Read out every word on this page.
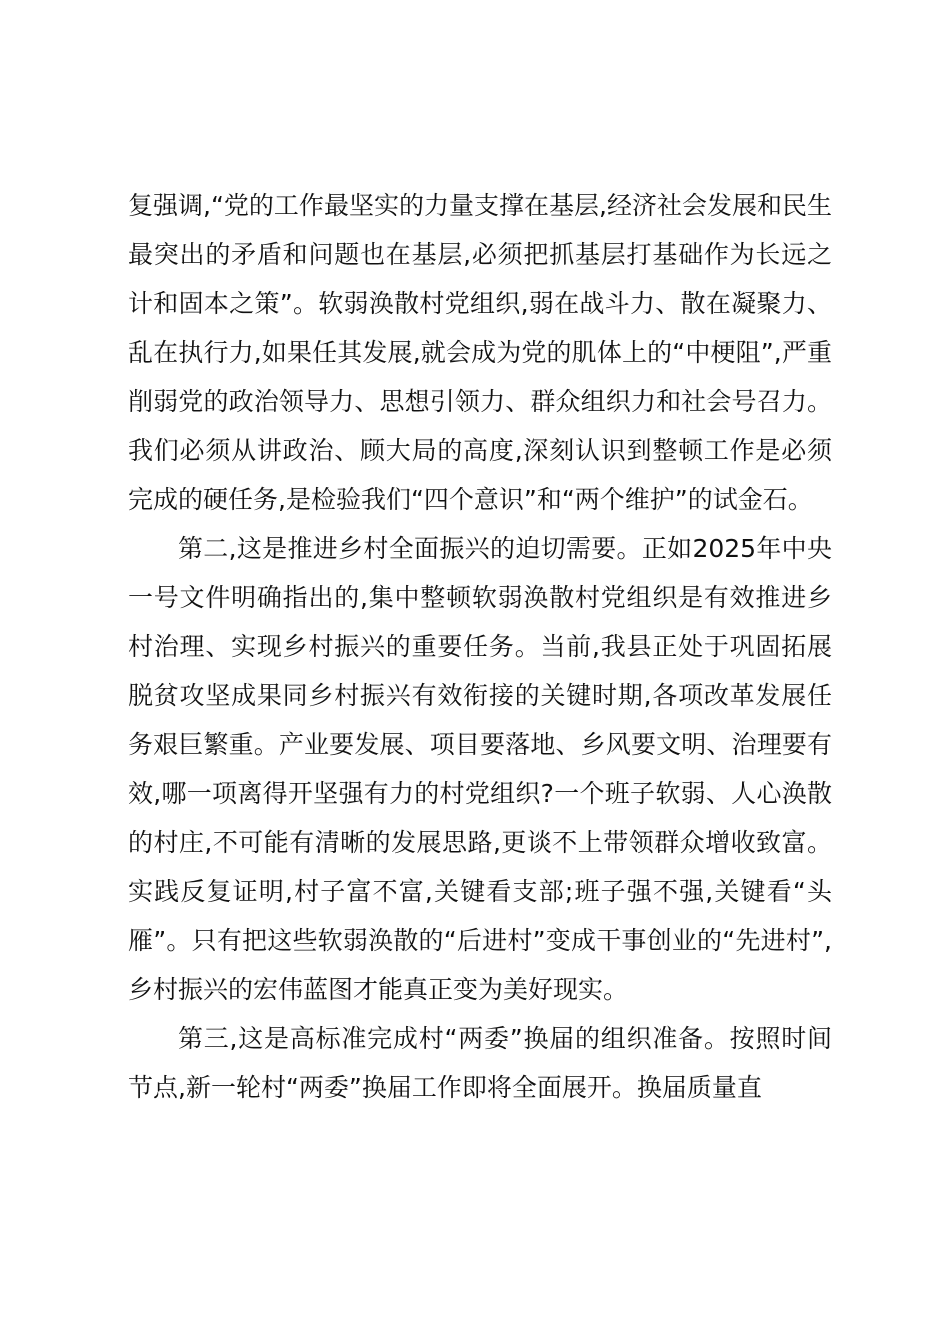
复强调,“党的工作最坚实的力量支撑在基层,经济社会发展和民生最突出的矛盾和问题也在基层,必须把抓基层打基础作为长远之计和固本之策”。软弱涣散村党组织,弱在战斗力、散在凝聚力、乱在执行力,如果任其发展,就会成为党的肌体上的“中梗阻”,严重削弱党的政治领导力、思想引领力、群众组织力和社会号召力。我们必须从讲政治、顾大局的高度,深刻认识到整顿工作是必须完成的硬任务,是检验我们“四个意识”和“两个维护”的试金石。

第二,这是推进乡村全面振兴的迫切需要。正如2025年中央一号文件明确指出的,集中整顿软弱涣散村党组织是有效推进乡村治理、实现乡村振兴的重要任务。当前,我县正处于巩固拓展脱贫攻坚成果同乡村振兴有效衔接的关键时期,各项改革发展任务艰巨繁重。产业要发展、项目要落地、乡风要文明、治理要有效,哪一项离得开坚强有力的村党组织?一个班子软弱、人心涣散的村庄,不可能有清晰的发展思路,更谈不上带领群众增收致富。实践反复证明,村子富不富,关键看支部;班子强不强,关键看“头雁”。只有把这些软弱涣散的“后进村”变成干事创业的“先进村”,乡村振兴的宏伟蓝图才能真正变为美好现实。

第三,这是高标准完成村“两委”换届的组织准备。按照时间节点,新一轮村“两委”换届工作即将全面展开。换届质量直
